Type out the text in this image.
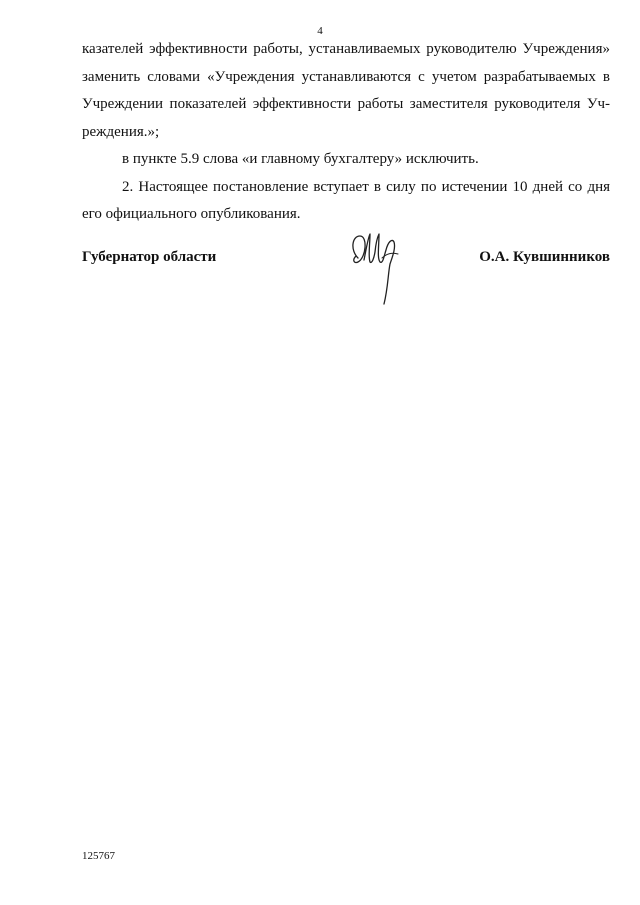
4

казателей эффективности работы, устанавливаемых руководителю Учреждения»

заменить словами «Учреждения устанавливаются с учетом разрабатываемых в

Учреждении показателей эффективности работы заместителя руководителя Уч-

реждения.»;

в пункте 5.9 слова «и главному бухгалтеру» исключить.

2. Настоящее постановление вступает в силу по истечении 10 дней со дня

его официального опубликования.

Губернатор области	О.А. Кувшинников
125767
